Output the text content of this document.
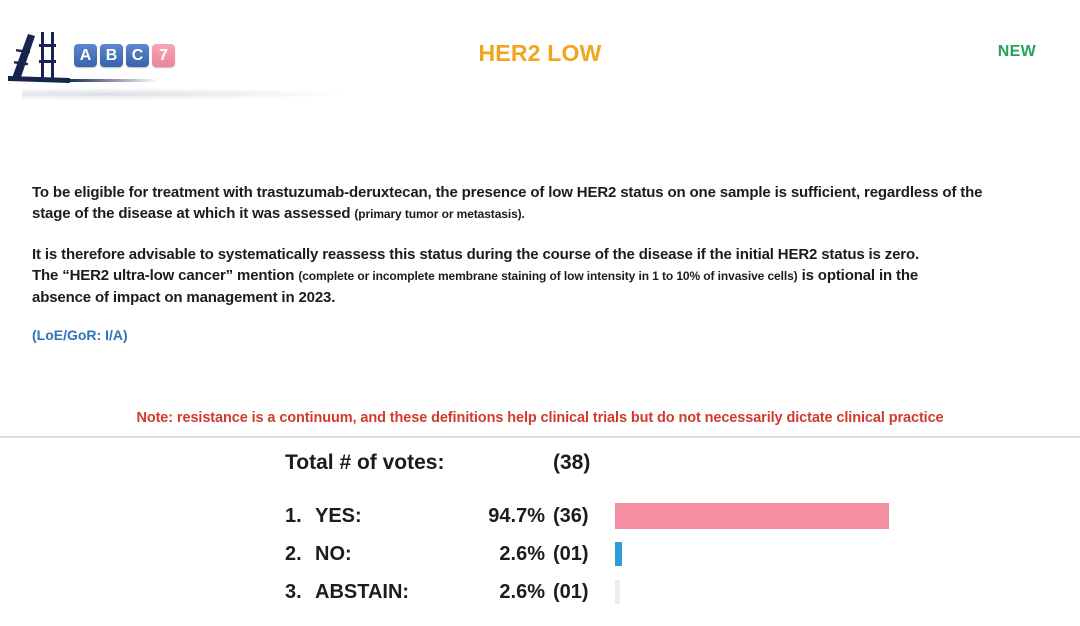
A B C 7	HER2 LOW	NEW
To be eligible for treatment with trastuzumab-deruxtecan, the presence of low HER2 status on one sample is sufficient, regardless of the
stage of the disease at which it was assessed (primary tumor or metastasis).
It is therefore advisable to systematically reassess this status during the course of the disease if the initial HER2 status is zero.
The “HER2 ultra-low cancer” mention (complete or incomplete membrane staining of low intensity in 1 to 10% of invasive cells) is optional in the
absence of impact on management in 2023.
(LoE/GoR: I/A)
Note: resistance is a continuum, and these definitions help clinical trials but do not necessarily dictate clinical practice
Total # of votes:	(38)
1. YES:	94.7% (36)
2. NO:	2.6% (01)
3. ABSTAIN:	2.6% (01)
